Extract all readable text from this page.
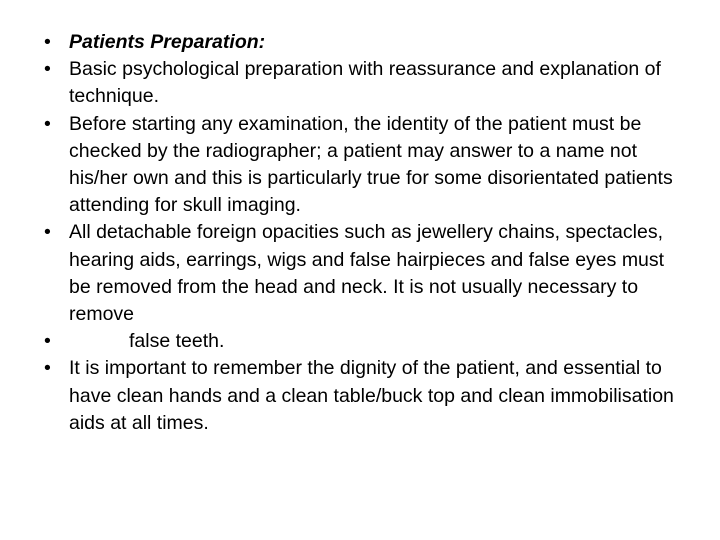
• Patients Preparation:
• Basic psychological preparation with reassurance and explanation of technique.
• Before starting any examination, the identity of the patient must be checked by the radiographer; a patient may answer to a name not his/her own and this is particularly true for some disorientated patients attending for skull imaging.
• All detachable foreign opacities such as jewellery chains, spectacles, hearing aids, earrings, wigs and false hairpieces and false eyes must be removed from the head and neck. It is not usually necessary to remove
•	false teeth.
• It is important to remember the dignity of the patient, and essential to have clean hands and a clean table/buck top and clean immobilisation aids at all times.
